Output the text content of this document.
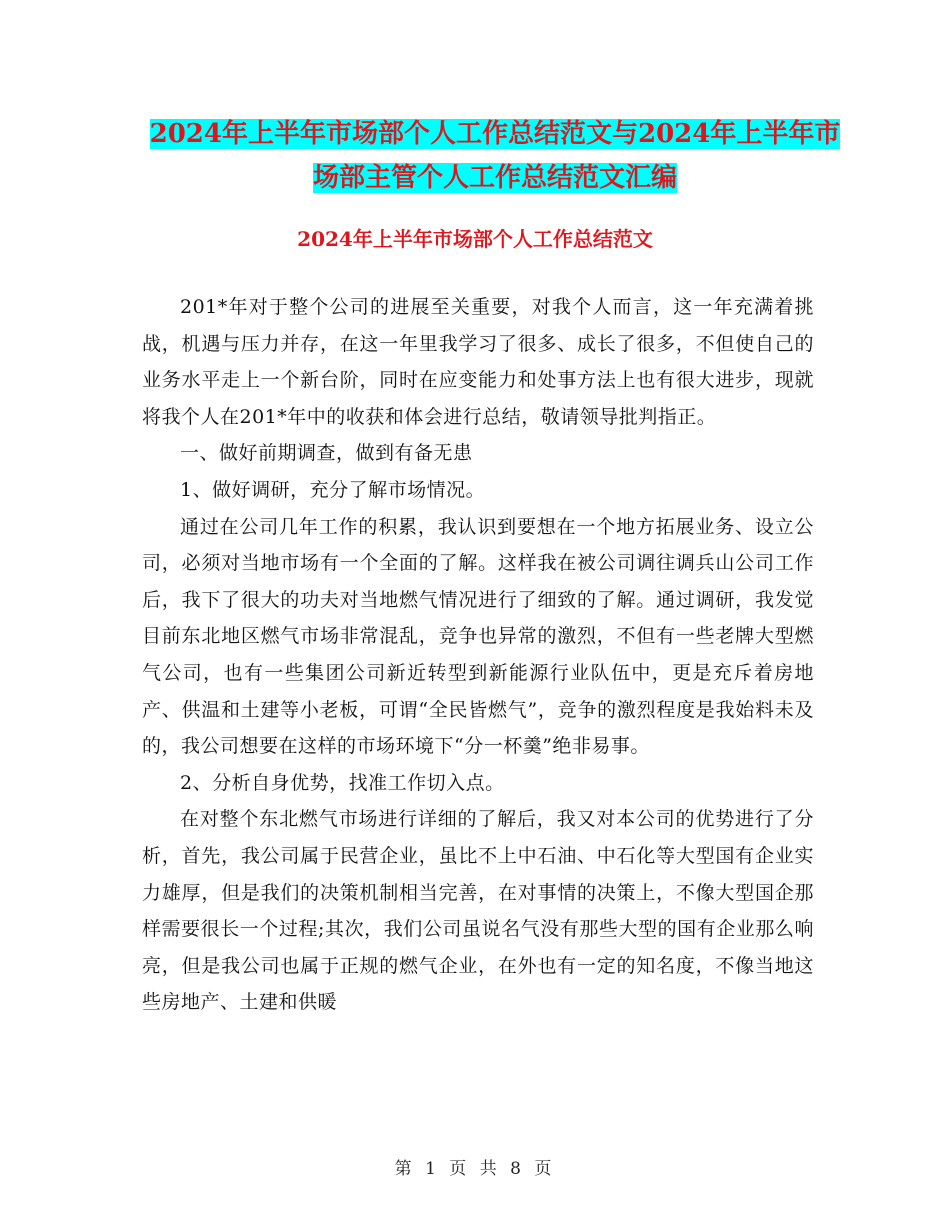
2024年上半年市场部个人工作总结范文与2024年上半年市场部主管个人工作总结范文汇编
2024年上半年市场部个人工作总结范文

201*年对于整个公司的进展至关重要，对我个人而言，这一年充满着挑战，机遇与压力并存，在这一年里我学习了很多、成长了很多，不但使自己的业务水平走上一个新台阶，同时在应变能力和处事方法上也有很大进步，现就将我个人在201*年中的收获和体会进行总结，敬请领导批判指正。

一、做好前期调查，做到有备无患

1、做好调研，充分了解市场情况。

通过在公司几年工作的积累，我认识到要想在一个地方拓展业务、设立公司，必须对当地市场有一个全面的了解。这样我在被公司调往调兵山公司工作后，我下了很大的功夫对当地燃气情况进行了细致的了解。通过调研，我发觉目前东北地区燃气市场非常混乱，竞争也异常的激烈，不但有一些老牌大型燃气公司，也有一些集团公司新近转型到新能源行业队伍中，更是充斥着房地产、供温和土建等小老板，可谓“全民皆燃气”，竞争的激烈程度是我始料未及的，我公司想要在这样的市场环境下“分一杯羹”绝非易事。

2、分析自身优势，找准工作切入点。

在对整个东北燃气市场进行详细的了解后，我又对本公司的优势进行了分析，首先，我公司属于民营企业，虽比不上中石油、中石化等大型国有企业实力雄厚，但是我们的决策机制相当完善，在对事情的决策上，不像大型国企那样需要很长一个过程;其次，我们公司虽说名气没有那些大型的国有企业那么响亮，但是我公司也属于正规的燃气企业，在外也有一定的知名度，不像当地这些房地产、土建和供暖

第 1 页 共 8 页
